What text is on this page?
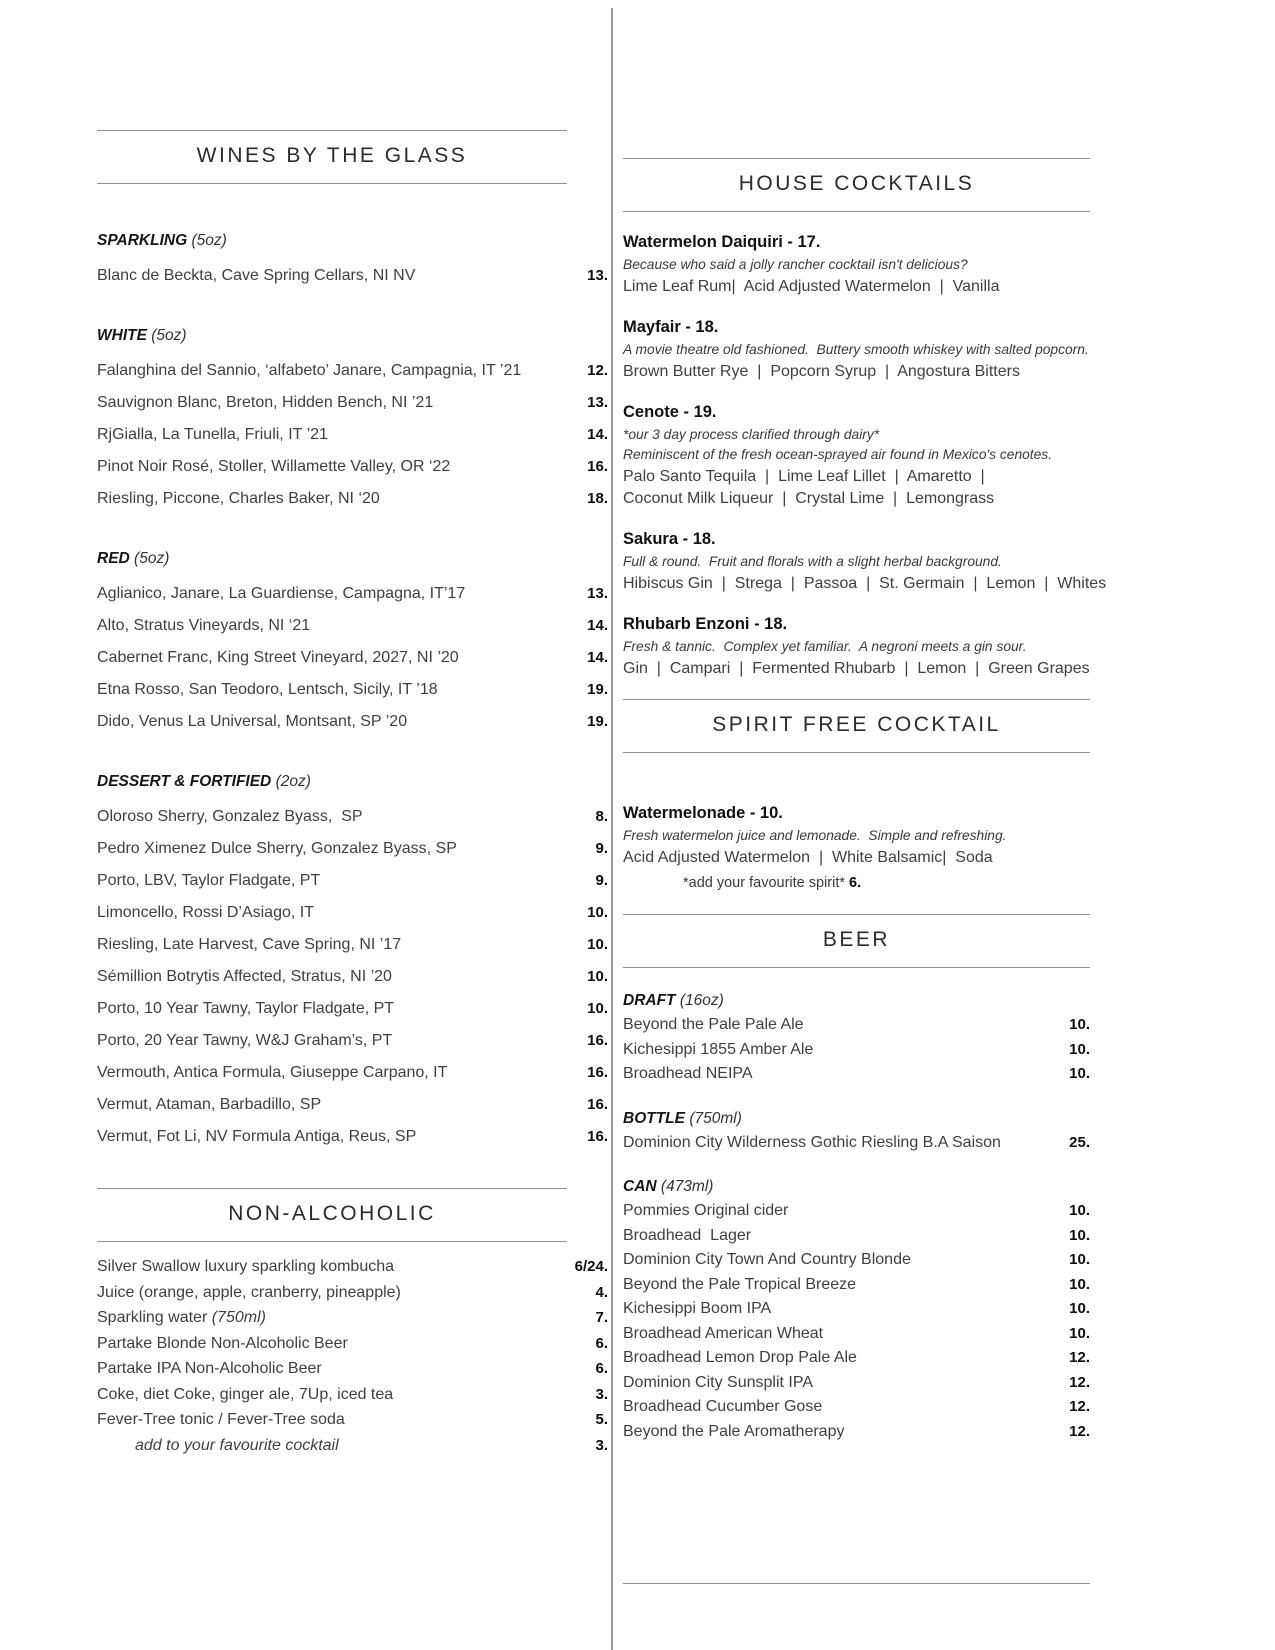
WINES BY THE GLASS
SPARKLING (5oz)
Blanc de Beckta, Cave Spring Cellars, NI NV	13.
WHITE (5oz)
Falanghina del Sannio, ‘alfabeto’ Janare, Campagnia, IT ’21	12.
Sauvignon Blanc, Breton, Hidden Bench, NI ’21	13.
RjGialla, La Tunella, Friuli, IT ’21	14.
Pinot Noir Rosé, Stoller, Willamette Valley, OR ‘22	16.
Riesling, Piccone, Charles Baker, NI ‘20	18.
RED (5oz)
Aglianico, Janare, La Guardiense, Campagna, IT’17	13.
Alto, Stratus Vineyards, NI ‘21	14.
Cabernet Franc, King Street Vineyard, 2027, NI ’20	14.
Etna Rosso, San Teodoro, Lentsch, Sicily, IT ’18	19.
Dido, Venus La Universal, Montsant, SP ’20	19.
DESSERT & FORTIFIED (2oz)
Oloroso Sherry, Gonzalez Byass,  SP	8.
Pedro Ximenez Dulce Sherry, Gonzalez Byass, SP	9.
Porto, LBV, Taylor Fladgate, PT	9.
Limoncello, Rossi D’Asiago, IT	10.
Riesling, Late Harvest, Cave Spring, NI ’17	10.
Sémillion Botrytis Affected, Stratus, NI ’20	10.
Porto, 10 Year Tawny, Taylor Fladgate, PT	10.
Porto, 20 Year Tawny, W&J Graham’s, PT	16.
Vermouth, Antica Formula, Giuseppe Carpano, IT	16.
Vermut, Ataman, Barbadillo, SP	16.
Vermut, Fot Li, NV Formula Antiga, Reus, SP	16.
NON-ALCOHOLIC
Silver Swallow luxury sparkling kombucha	6/24.
Juice (orange, apple, cranberry, pineapple)	4.
Sparkling water (750ml)	7.
Partake Blonde Non-Alcoholic Beer	6.
Partake IPA Non-Alcoholic Beer	6.
Coke, diet Coke, ginger ale, 7Up, iced tea	3.
Fever-Tree tonic / Fever-Tree soda	5.
add to your favourite cocktail	3.
HOUSE COCKTAILS
Watermelon Daiquiri - 17.
Because who said a jolly rancher cocktail isn't delicious?
Lime Leaf Rum|  Acid Adjusted Watermelon  |  Vanilla
Mayfair - 18.
A movie theatre old fashioned.  Buttery smooth whiskey with salted popcorn.
Brown Butter Rye  |  Popcorn Syrup  |  Angostura Bitters
Cenote - 19.
*our 3 day process clarified through dairy*
Reminiscent of the fresh ocean-sprayed air found in Mexico's cenotes.
Palo Santo Tequila  |  Lime Leaf Lillet  |  Amaretto  |
Coconut Milk Liqueur  |  Crystal Lime  |  Lemongrass
Sakura - 18.
Full & round.  Fruit and florals with a slight herbal background.
Hibiscus Gin  |  Strega  |  Passoa  |  St. Germain  |  Lemon  |  Whites
Rhubarb Enzoni - 18.
Fresh & tannic.  Complex yet familiar.  A negroni meets a gin sour.
Gin  |  Campari  |  Fermented Rhubarb  |  Lemon  |  Green Grapes
SPIRIT FREE COCKTAIL
Watermelonade - 10.
Fresh watermelon juice and lemonade.  Simple and refreshing.
Acid Adjusted Watermelon  |  White Balsamic|  Soda
*add your favourite spirit* 6.
BEER
DRAFT (16oz)
Beyond the Pale Pale Ale	10.
Kichesippi 1855 Amber Ale	10.
Broadhead NEIPA	10.
BOTTLE (750ml)
Dominion City Wilderness Gothic Riesling B.A Saison	25.
CAN (473ml)
Pommies Original cider	10.
Broadhead  Lager	10.
Dominion City Town And Country Blonde	10.
Beyond the Pale Tropical Breeze	10.
Kichesippi Boom IPA	10.
Broadhead American Wheat	10.
Broadhead Lemon Drop Pale Ale	12.
Dominion City Sunsplit IPA	12.
Broadhead Cucumber Gose	12.
Beyond the Pale Aromatherapy	12.
